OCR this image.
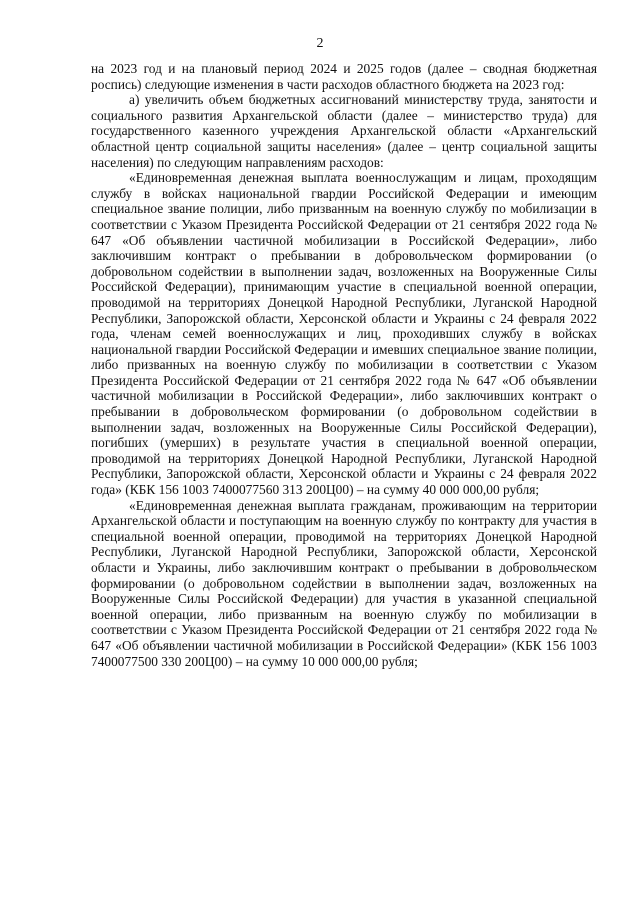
2

на 2023 год и на плановый период 2024 и 2025 годов (далее – сводная бюджетная роспись) следующие изменения в части расходов областного бюджета на 2023 год:

а) увеличить объем бюджетных ассигнований министерству труда, занятости и социального развития Архангельской области (далее – министерство труда) для государственного казенного учреждения Архангельской области «Архангельский областной центр социальной защиты населения» (далее – центр социальной защиты населения) по следующим направлениям расходов:

«Единовременная денежная выплата военнослужащим и лицам, проходящим службу в войсках национальной гвардии Российской Федерации и имеющим специальное звание полиции, либо призванным на военную службу по мобилизации в соответствии с Указом Президента Российской Федерации от 21 сентября 2022 года № 647 «Об объявлении частичной мобилизации в Российской Федерации», либо заключившим контракт о пребывании в добровольческом формировании (о добровольном содействии в выполнении задач, возложенных на Вооруженные Силы Российской Федерации), принимающим участие в специальной военной операции, проводимой на территориях Донецкой Народной Республики, Луганской Народной Республики, Запорожской области, Херсонской области и Украины с 24 февраля 2022 года, членам семей военнослужащих и лиц, проходивших службу в войсках национальной гвардии Российской Федерации и имевших специальное звание полиции, либо призванных на военную службу по мобилизации в соответствии с Указом Президента Российской Федерации от 21 сентября 2022 года № 647 «Об объявлении частичной мобилизации в Российской Федерации», либо заключивших контракт о пребывании в добровольческом формировании (о добровольном содействии в выполнении задач, возложенных на Вооруженные Силы Российской Федерации), погибших (умерших) в результате участия в специальной военной операции, проводимой на территориях Донецкой Народной Республики, Луганской Народной Республики, Запорожской области, Херсонской области и Украины с 24 февраля 2022 года» (КБК 156 1003 7400077560 313 200Ц00) – на сумму 40 000 000,00 рубля;

«Единовременная денежная выплата гражданам, проживающим на территории Архангельской области и поступающим на военную службу по контракту для участия в специальной военной операции, проводимой на территориях Донецкой Народной Республики, Луганской Народной Республики, Запорожской области, Херсонской области и Украины, либо заключившим контракт о пребывании в добровольческом формировании (о добровольном содействии в выполнении задач, возложенных на Вооруженные Силы Российской Федерации) для участия в указанной специальной военной операции, либо призванным на военную службу по мобилизации в соответствии с Указом Президента Российской Федерации от 21 сентября 2022 года № 647 «Об объявлении частичной мобилизации в Российской Федерации» (КБК 156 1003 7400077500 330 200Ц00) – на сумму 10 000 000,00 рубля;
